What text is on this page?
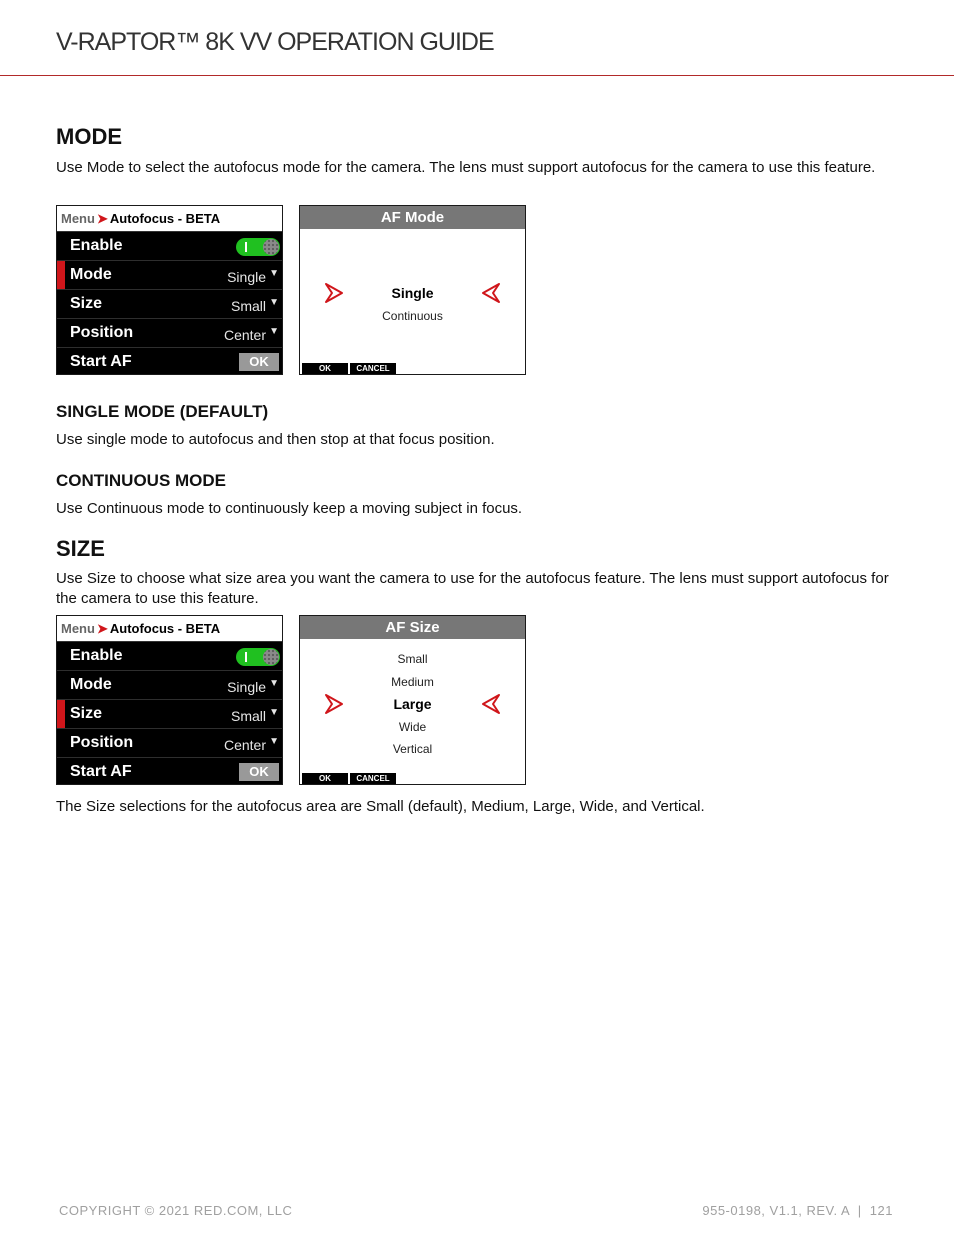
V-RAPTOR™ 8K VV OPERATION GUIDE
MODE

Use Mode to select the autofocus mode for the camera. The lens must support autofocus for the camera to use this feature.

Menu ➤ Autofocus - BETA
Enable
Mode	Single ▼
Size	Small ▼
Position	Center ▼
Start AF	OK
AF Mode
Single
Continuous
OK	CANCEL
SINGLE MODE (DEFAULT)

Use single mode to autofocus and then stop at that focus position.

CONTINUOUS MODE

Use Continuous mode to continuously keep a moving subject in focus.

SIZE

Use Size to choose what size area you want the camera to use for the autofocus feature. The lens must support autofocus for the camera to use this feature.

Menu ➤ Autofocus - BETA
Enable
Mode	Single ▼
Size	Small ▼
Position	Center ▼
Start AF	OK
AF Size
Small
Medium
Large
Wide
Vertical
OK	CANCEL

The Size selections for the autofocus area are Small (default), Medium, Large, Wide, and Vertical.

COPYRIGHT © 2021 RED.COM, LLC	955-0198, V1.1, REV. A  |  121
